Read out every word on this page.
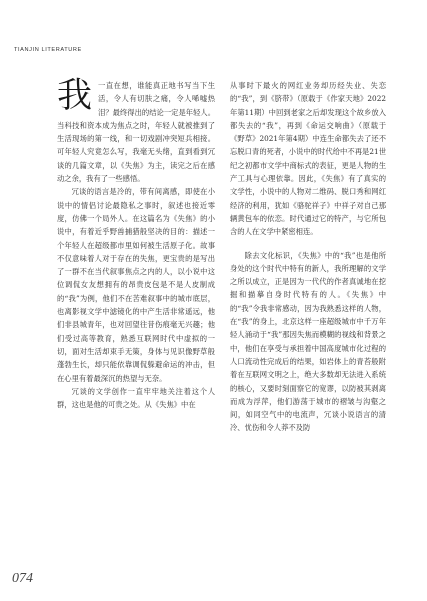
TIANJIN LITERATURE

我一直在想，谁能真正地书写当下生活，令人有切肤之痛，令人唏嘘热泪？最终得出的结论一定是年轻人。当科技和资本成为焦点之时，年轻人就被推到了生活现场的第一线，和一切戏剧冲突短兵相接。可年轻人究竟怎么写，我毫无头绪，直到看到冗谈的几篇文章，以《失焦》为主，读完之后在感动之余，我有了一些感悟。

冗谈的语言是冷的，带有间离感，即使在小说中的情侣讨论最隐私之事时，叙述也接近零度，仿佛一个局外人。在这篇名为《失焦》的小说中，有着近乎野兽捕猎般坚决的目的：描述一个年轻人在超级都市里如何被生活原子化。故事不仅意味着人对于存在的失焦，更宝贵的是写出了一群不在当代叙事焦点之内的人，以小说中这位调侃女友想拥有的昂贵皮包是不是人皮制成的“我”为例，他们不在苦难叙事中的城市底层，也离影视文学中滤镜化的中产生活非常遥远，他们非县城青年，也对回望往昔伤痕毫无兴趣；他们受过高等教育，熟悉互联网时代中虚拟的一切，面对生活却束手无策，身体与见识像野草般蓬勃生长，却只能依靠调侃躲避命运的冲击，但在心里有着最深沉的热望与无奈。

冗谈的文学创作一直牢牢地关注着这个人群，这也是他的可贵之处。从《失焦》中在

从事时下最火的网红业务却历经失业、失恋的“我”，到《脐带》（原载于《作家天地》2022年第11期）中回到老家之后却发现这个故乡放入都失去的“我”，再到《命运交响曲》（原载于《野草》2021年第4期）中连生命都失去了还不忘脱口青的死者，小说中的时代给中不再是21世纪之初都市文学中商标式的表征，更是人物的生产工具与心理依靠。因此，《失焦》有了真实的文学性，小说中的人物对二维码、脱口秀和网红经济的利用，犹如《骆驼祥子》中祥子对自己那辆黄包车的依恋。时代通过它的特产，与它所包含的人在文学中紧密相连。

除去文化标识，《失焦》中的“我”也是他所身处的这个时代中特有的新人，我所理解的文学之所以成立，正是因为一代代的作者真诚地在挖掘和描摹自身时代特有的人。《失焦》中的“我”令我非常感动，因为我熟悉这样的人物，在“我”的身上，北京这样一座超级城市中千万年轻人涌动于“我”那因失焦而模糊的视线和背景之中，他们在享受与承担着中国高度城市化过程的人口流动性完成后的结果，如岩体上的青苔般附着在互联网文明之上，绝大多数却无法进入系统的核心，又要时刻面察它的宽谬，以防被其剥离而成为浮萍，他们游荡于城市的褶皱与沟壑之间，如同空气中的电流声，冗谈小说语言的清冷、忧伤和令人莽不及防

074
